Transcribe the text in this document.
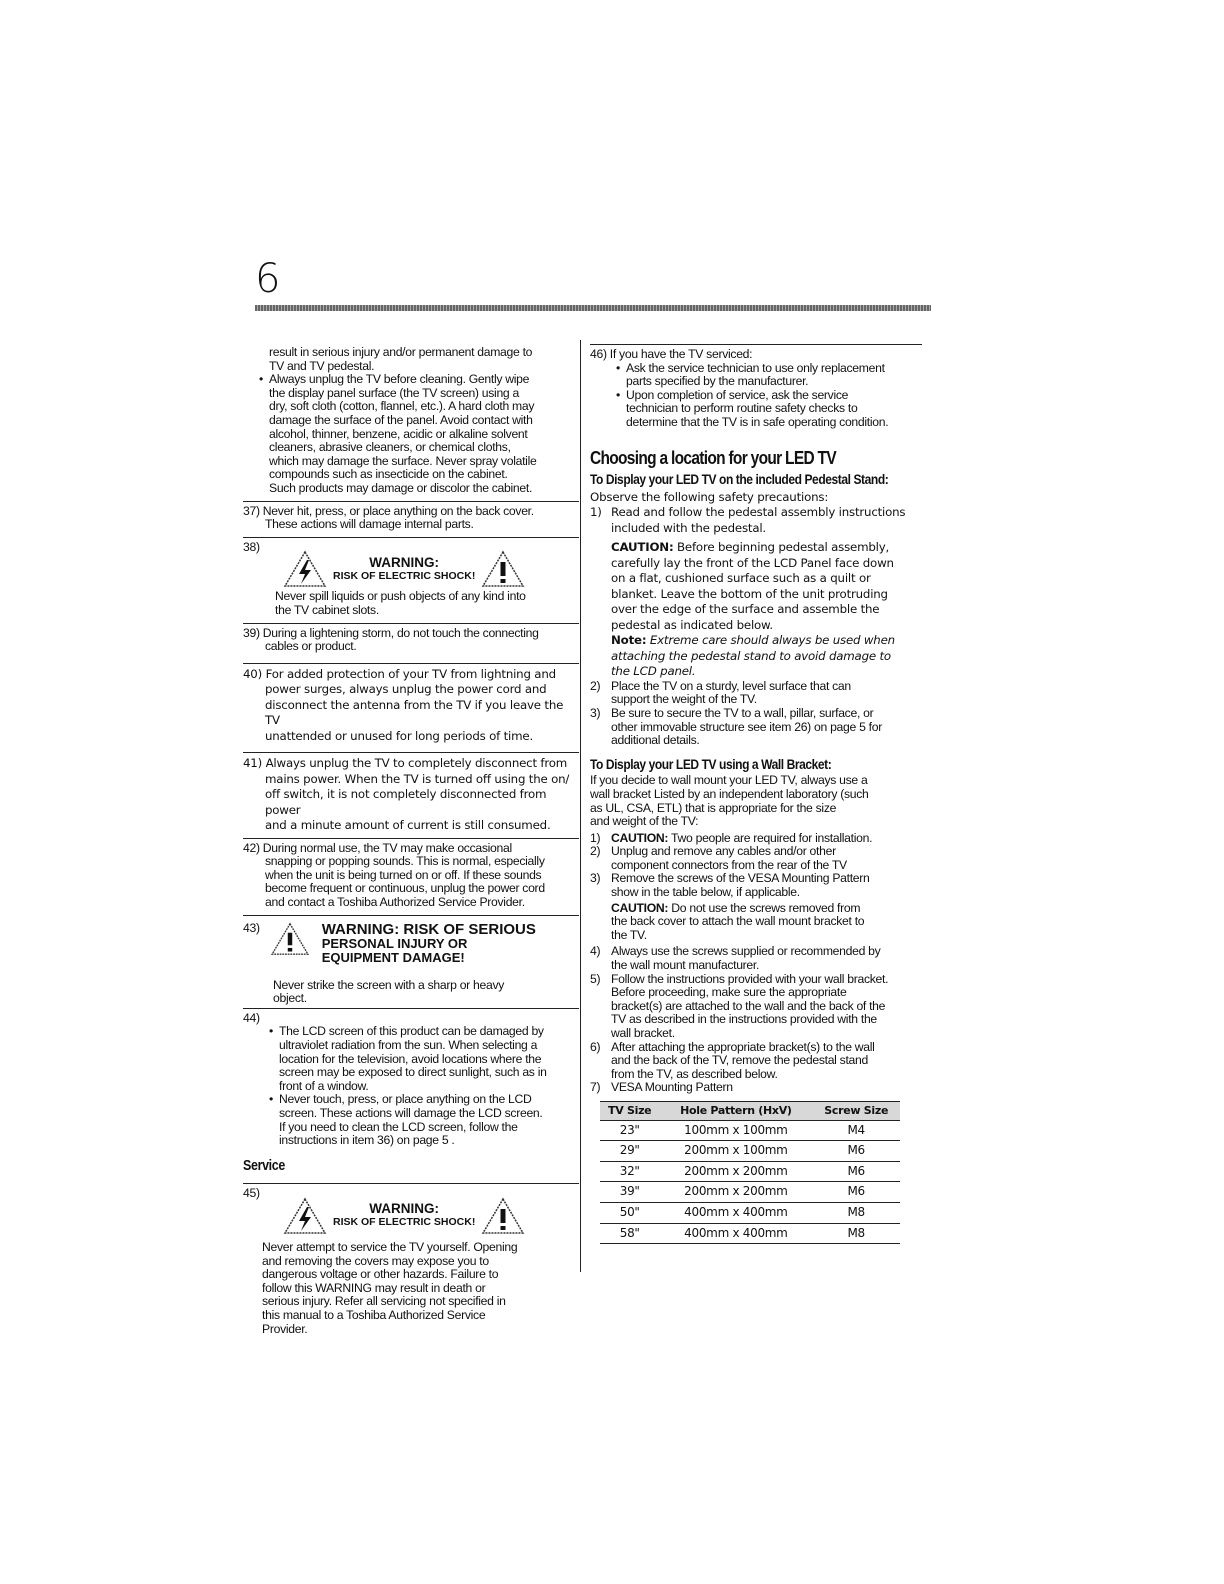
6

result in serious injury and/or permanent damage to

TV and TV pedestal.

• Always unplug the TV before cleaning. Gently wipe

the display panel surface (the TV screen) using a

dry, soft cloth (cotton, flannel, etc.). A hard cloth may

damage the surface of the panel. Avoid contact with

alcohol, thinner, benzene, acidic or alkaline solvent

cleaners, abrasive cleaners, or chemical cloths,

which may damage the surface. Never spray volatile

compounds such as insecticide on the cabinet.

Such products may damage or discolor the cabinet.

37) Never hit, press, or place anything on the back cover.

These actions will damage internal parts.

38)

WARNING:
RISK OF ELECTRIC SHOCK!

Never spill liquids or push objects of any kind into

the TV cabinet slots.

39) During a lightening storm, do not touch the connecting

cables or product.

40) For added protection of your TV from lightning and

power surges, always unplug the power cord and

disconnect the antenna from the TV if you leave the TV

unattended or unused for long periods of time.

41) Always unplug the TV to completely disconnect from

mains power. When the TV is turned off using the on/

off switch, it is not completely disconnected from power

and a minute amount of current is still consumed.

42) During normal use, the TV may make occasional

snapping or popping sounds. This is normal, especially

when the unit is being turned on or off. If these sounds

become frequent or continuous, unplug the power cord

and contact a Toshiba Authorized Service Provider.

43)	WARNING: RISK OF SERIOUS
PERSONAL INJURY OR
EQUIPMENT DAMAGE!

Never strike the screen with a sharp or heavy

object.

44)

• The LCD screen of this product can be damaged by

ultraviolet radiation from the sun. When selecting a

location for the television, avoid locations where the

screen may be exposed to direct sunlight, such as in

front of a window.

• Never touch, press, or place anything on the LCD

screen. These actions will damage the LCD screen.

If you need to clean the LCD screen, follow the

instructions in item 36) on page 5 .

Service

45)

WARNING:
RISK OF ELECTRIC SHOCK!

Never attempt to service the TV yourself. Opening

and removing the covers may expose you to

dangerous voltage or other hazards. Failure to

follow this WARNING may result in death or

serious injury. Refer all servicing not specified in

this manual to a Toshiba Authorized Service

Provider.

46) If you have the TV serviced:

• Ask the service technician to use only replacement

parts specified by the manufacturer.

• Upon completion of service, ask the service

technician to perform routine safety checks to

determine that the TV is in safe operating condition.

Choosing a location for your LED TV
To Display your LED TV on the included Pedestal Stand:

Observe the following safety precautions:

1) Read and follow the pedestal assembly instructions

included with the pedestal.

CAUTION: Before beginning pedestal assembly,

carefully lay the front of the LCD Panel face down

on a flat, cushioned surface such as a quilt or

blanket. Leave the bottom of the unit protruding

over the edge of the surface and assemble the

pedestal as indicated below.

Note: Extreme care should always be used when

attaching the pedestal stand to avoid damage to

the LCD panel.

2) Place the TV on a sturdy, level surface that can

support the weight of the TV.

3) Be sure to secure the TV to a wall, pillar, surface, or

other immovable structure see item 26) on page 5 for

additional details.

To Display your LED TV using a Wall Bracket:

If you decide to wall mount your LED TV, always use a

wall bracket Listed by an independent laboratory (such

as UL, CSA, ETL) that is appropriate for the size

and weight of the TV:

1) CAUTION: Two people are required for installation.

2) Unplug and remove any cables and/or other

component connectors from the rear of the TV

3) Remove the screws of the VESA Mounting Pattern

show in the table below, if applicable.

CAUTION: Do not use the screws removed from

the back cover to attach the wall mount bracket to

the TV.

4) Always use the screws supplied or recommended by

the wall mount manufacturer.

5) Follow the instructions provided with your wall bracket.

Before proceeding, make sure the appropriate

bracket(s) are attached to the wall and the back of the

TV as described in the instructions provided with the

wall bracket.

6) After attaching the appropriate bracket(s) to the wall

and the back of the TV, remove the pedestal stand

from the TV, as described below.

7) VESA Mounting Pattern

TV Size	Hole Pattern (HxV)	Screw Size
23"	100mm x 100mm	M4
29"	200mm x 100mm	M6
32"	200mm x 200mm	M6
39"	200mm x 200mm	M6
50"	400mm x 400mm	M8
58"	400mm x 400mm	M8
